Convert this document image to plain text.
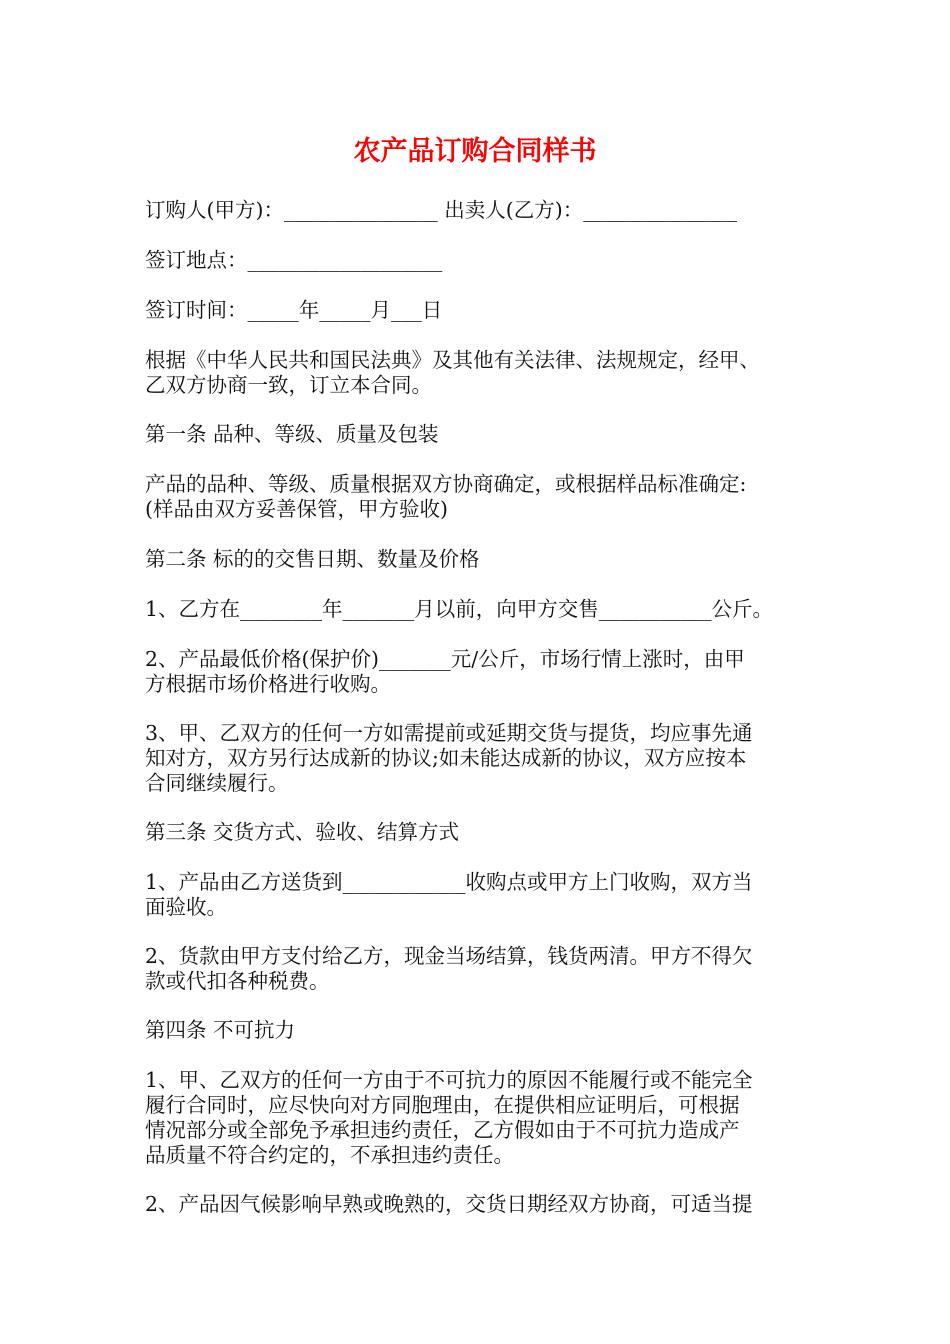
农产品订购合同样书

订购人(甲方)：_______________ 出卖人(乙方)：_______________

签订地点：___________________

签订时间：_____年_____月___日

根据《中华人民共和国民法典》及其他有关法律、法规规定，经甲、
乙双方协商一致，订立本合同。

第一条 品种、等级、质量及包装

产品的品种、等级、质量根据双方协商确定，或根据样品标准确定:
(样品由双方妥善保管，甲方验收)

第二条 标的的交售日期、数量及价格

1、乙方在________年_______月以前，向甲方交售___________公斤。

2、产品最低价格(保护价)_______元/公斤，市场行情上涨时，由甲
方根据市场价格进行收购。

3、甲、乙双方的任何一方如需提前或延期交货与提货，均应事先通
知对方，双方另行达成新的协议;如未能达成新的协议，双方应按本
合同继续履行。

第三条 交货方式、验收、结算方式

1、产品由乙方送货到____________收购点或甲方上门收购，双方当
面验收。

2、货款由甲方支付给乙方，现金当场结算，钱货两清。甲方不得欠
款或代扣各种税费。

第四条 不可抗力

1、甲、乙双方的任何一方由于不可抗力的原因不能履行或不能完全
履行合同时，应尽快向对方同胞理由，在提供相应证明后，可根据
情况部分或全部免予承担违约责任，乙方假如由于不可抗力造成产
品质量不符合约定的，不承担违约责任。

2、产品因气候影响早熟或晚熟的，交货日期经双方协商，可适当提
